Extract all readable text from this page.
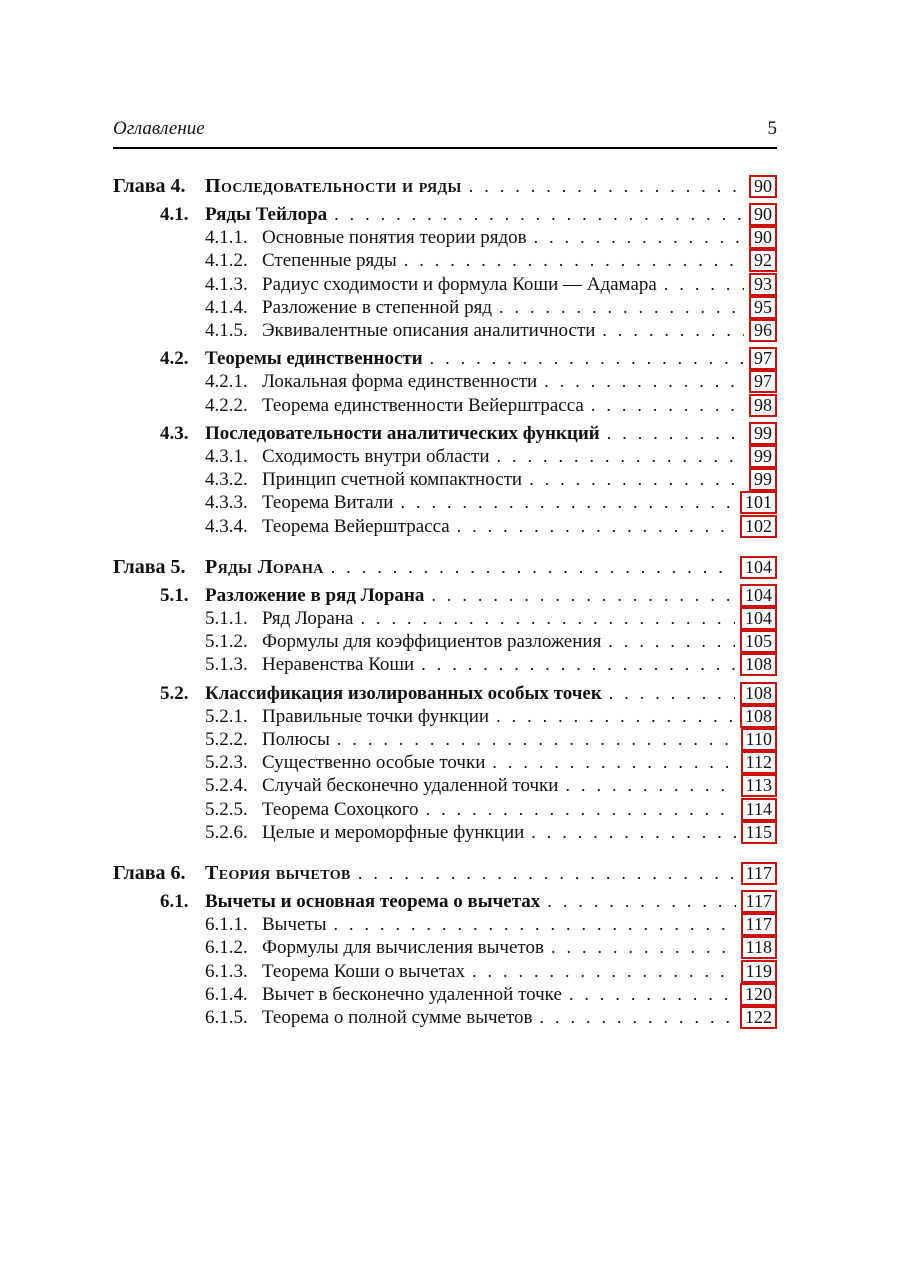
Оглавление	5
Глава 4. Последовательности и ряды .....	90
4.1. Ряды Тейлора .....	90
4.1.1. Основные понятия теории рядов .....	90
4.1.2. Степенные ряды .....	92
4.1.3. Радиус сходимости и формула Коши — Адамара .....	93
4.1.4. Разложение в степенной ряд .....	95
4.1.5. Эквивалентные описания аналитичности .....	96
4.2. Теоремы единственности .....	97
4.2.1. Локальная форма единственности .....	97
4.2.2. Теорема единственности Вейерштрасса .....	98
4.3. Последовательности аналитических функций .....	99
4.3.1. Сходимость внутри области .....	99
4.3.2. Принцип счетной компактности .....	99
4.3.3. Теорема Витали .....	101
4.3.4. Теорема Вейерштрасса .....	102
Глава 5. Ряды Лорана .....	104
5.1. Разложение в ряд Лорана .....	104
5.1.1. Ряд Лорана .....	104
5.1.2. Формулы для коэффициентов разложения .....	105
5.1.3. Неравенства Коши .....	108
5.2. Классификация изолированных особых точек .....	108
5.2.1. Правильные точки функции .....	108
5.2.2. Полюсы .....	110
5.2.3. Существенно особые точки .....	112
5.2.4. Случай бесконечно удаленной точки .....	113
5.2.5. Теорема Сохоцкого .....	114
5.2.6. Целые и мероморфные функции .....	115
Глава 6. Теория вычетов .....	117
6.1. Вычеты и основная теорема о вычетах .....	117
6.1.1. Вычеты .....	117
6.1.2. Формулы для вычисления вычетов .....	118
6.1.3. Теорема Коши о вычетах .....	119
6.1.4. Вычет в бесконечно удаленной точке .....	120
6.1.5. Теорема о полной сумме вычетов .....	122
